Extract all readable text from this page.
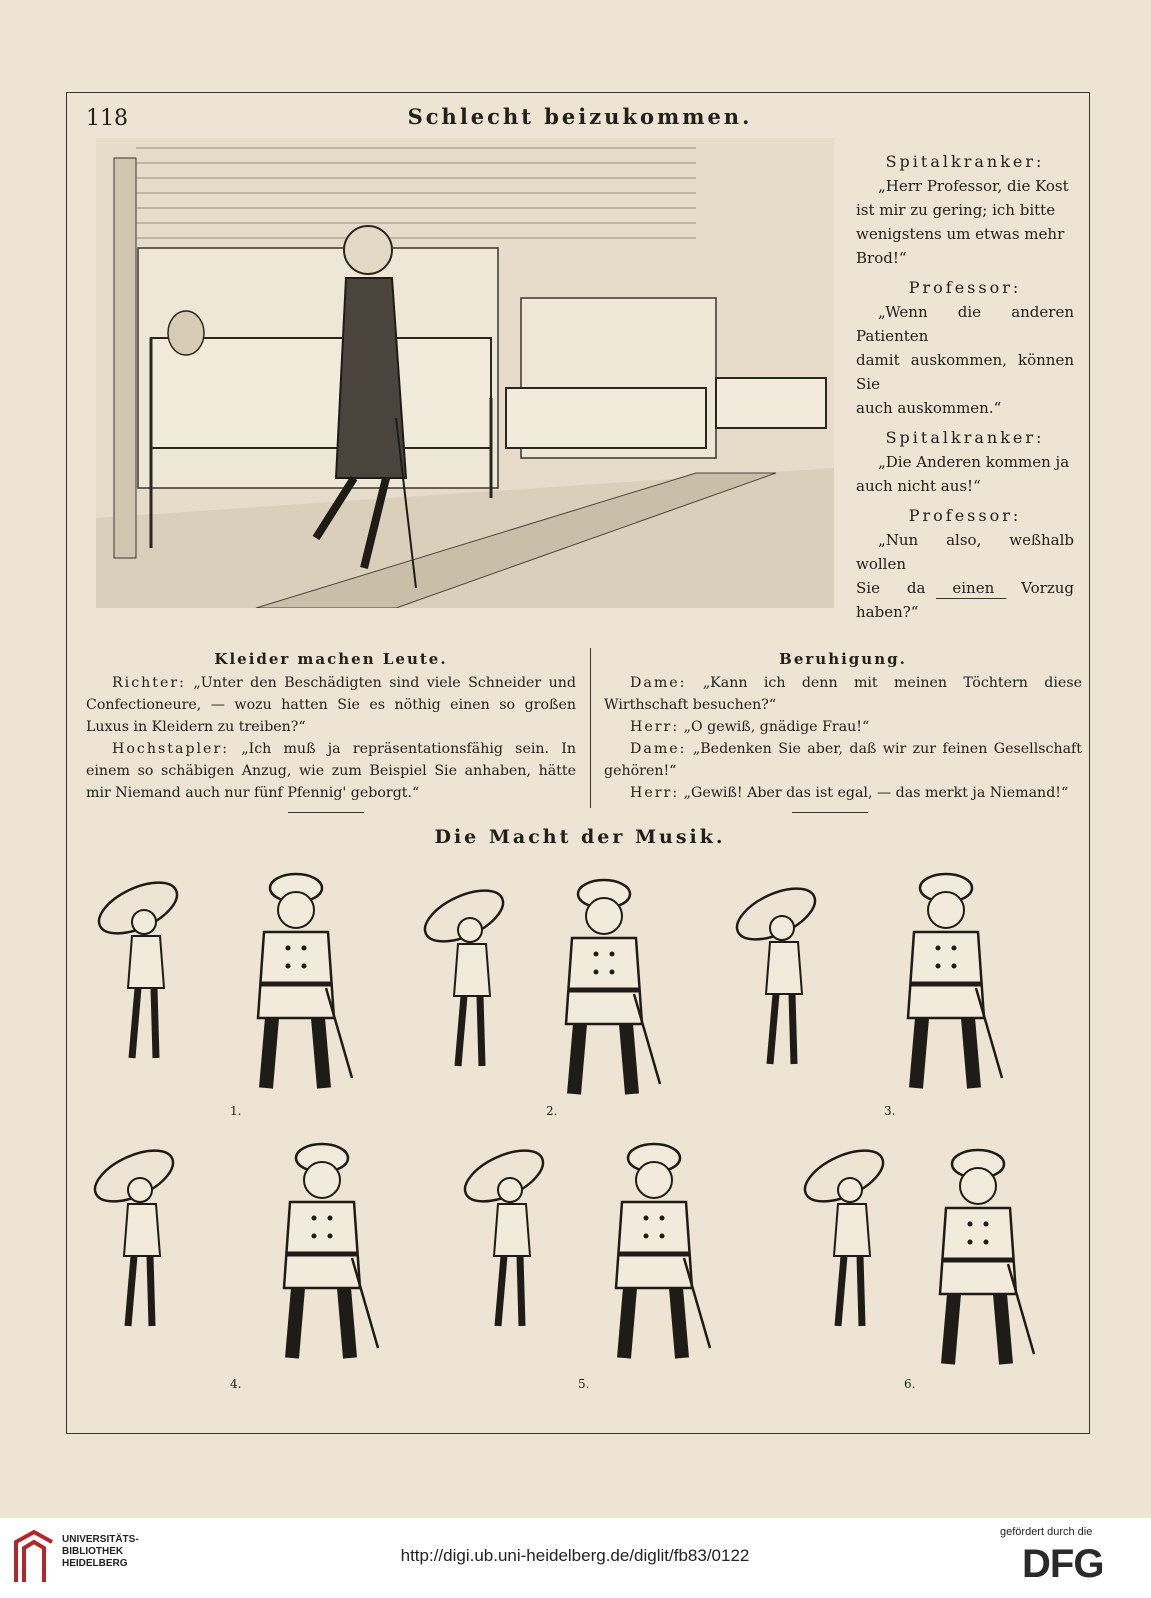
118	Schlecht beizukommen.
Spitalkranker:
„Herr Professor, die Kost
ist mir zu gering; ich bitte
wenigstens um etwas mehr
Brod!“
Professor:
„Wenn die anderen Patienten
damit auskommen, können Sie
auch auskommen.“
Spitalkranker:
„Die Anderen kommen ja
auch nicht aus!“
Professor:
„Nun also, weßhalb wollen
Sie da einen Vorzug haben?“
Kleider machen Leute.

Richter: „Unter den Beschädigten sind viele Schneider und Confectioneure, — wozu hatten Sie es nöthig einen so großen Luxus in Kleidern zu treiben?“

Hochstapler: „Ich muß ja repräsentationsfähig sein. In einem so schäbigen Anzug, wie zum Beispiel Sie anhaben, hätte mir Niemand auch nur fünf Pfennig' geborgt.“

Beruhigung.

Dame: „Kann ich denn mit meinen Töchtern diese Wirthschaft besuchen?“

Herr: „O gewiß, gnädige Frau!“

Dame: „Bedenken Sie aber, daß wir zur feinen Gesellschaft gehören!“

Herr: „Gewiß! Aber das ist egal, — das merkt ja Niemand!“

Die Macht der Musik.
1.	2.	3.
4.	5.	6.
UNIVERSITÄTS-
BIBLIOTHEK
HEIDELBERG	http://digi.ub.uni-heidelberg.de/diglit/fb83/0122
gefördert durch die
DFG
